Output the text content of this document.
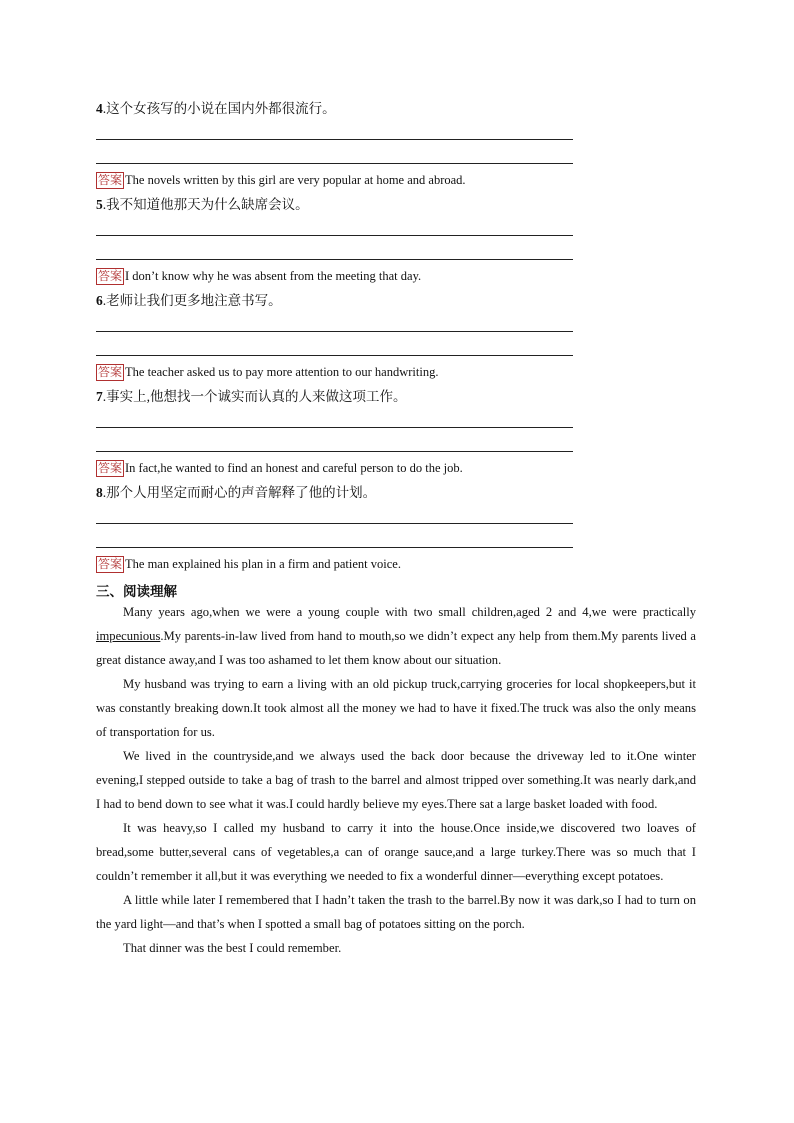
4.这个女孩写的小说在国内外都很流行。
答案 The novels written by this girl are very popular at home and abroad.
5.我不知道他那天为什么缺席会议。
答案 I don’t know why he was absent from the meeting that day.
6.老师让我们更多地注意书写。
答案 The teacher asked us to pay more attention to our handwriting.
7.事实上,他想找一个诚实而认真的人来做这项工作。
答案 In fact,he wanted to find an honest and careful person to do the job.
8.那个人用坚定而耐心的声音解释了他的计划。
答案 The man explained his plan in a firm and patient voice.
三、阅读理解

Many years ago,when we were a young couple with two small children,aged 2 and 4,we were practically impecunious.My parents-in-law lived from hand to mouth,so we didn’t expect any help from them.My parents lived a great distance away,and I was too ashamed to let them know about our situation.

My husband was trying to earn a living with an old pickup truck,carrying groceries for local shopkeepers,but it was constantly breaking down.It took almost all the money we had to have it fixed.The truck was also the only means of transportation for us.

We lived in the countryside,and we always used the back door because the driveway led to it.One winter evening,I stepped outside to take a bag of trash to the barrel and almost tripped over something.It was nearly dark,and I had to bend down to see what it was.I could hardly believe my eyes.There sat a large basket loaded with food.

It was heavy,so I called my husband to carry it into the house.Once inside,we discovered two loaves of bread,some butter,several cans of vegetables,a can of orange sauce,and a large turkey.There was so much that I couldn’t remember it all,but it was everything we needed to fix a wonderful dinner—everything except potatoes.

A little while later I remembered that I hadn’t taken the trash to the barrel.By now it was dark,so I had to turn on the yard light—and that’s when I spotted a small bag of potatoes sitting on the porch.

That dinner was the best I could remember.
